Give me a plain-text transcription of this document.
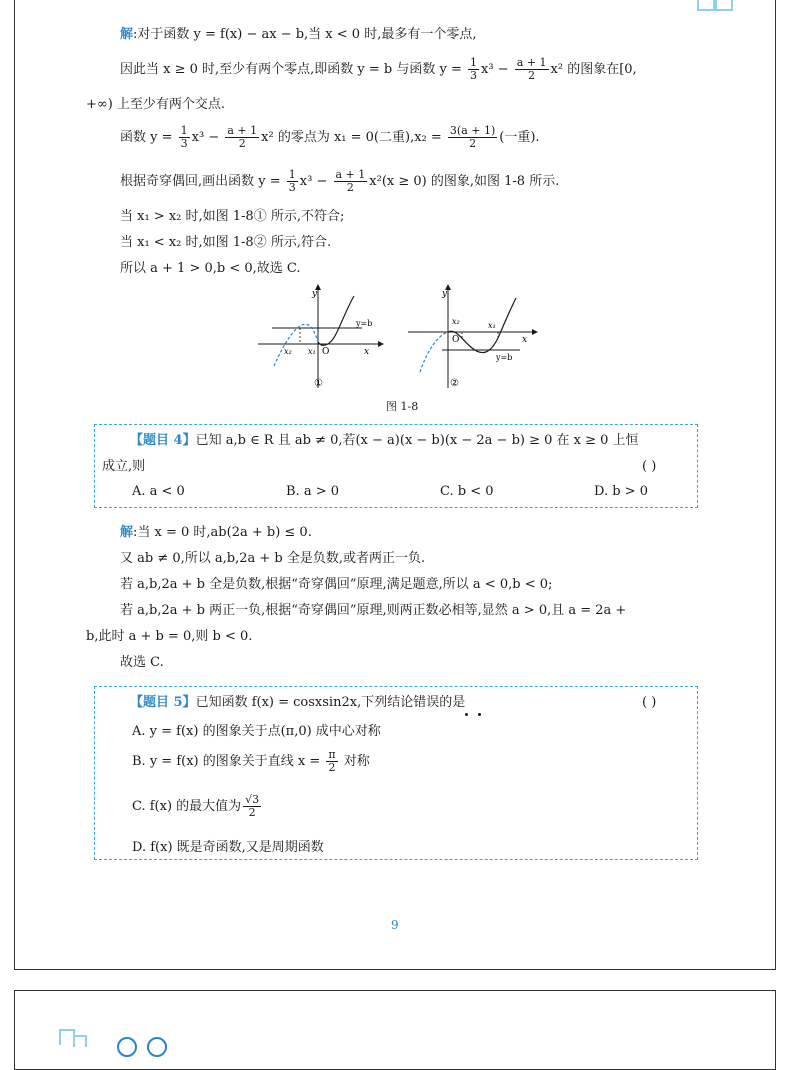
解:对于函数 y = f(x) − ax − b,当 x < 0 时,最多有一个零点,
因此当 x ≥ 0 时,至少有两个零点,即函数 y = b 与函数 $y = \frac{1}{3} x^3 - \frac{a + 1}{2} x^2$ 的图象在[0,
+∞) 上至少有两个交点.
函数 $y = \frac{1}{3} x^3 - \frac{a + 1}{2} x^2$ 的零点为 x₁ = 0(二重)$,x_2 = \frac{3(a + 1)}{2}$ (一重).
根据奇穿偶回,画出函数 $y = \frac{1}{3} x^3 - \frac{a + 1}{2} x^2(x \ge 0)$ 的图象,如图 1-8 所示.
当 x₁ > x₂ 时,如图 1-8① 所示,不符合;
当 x₁ < x₂ 时,如图 1-8② 所示,符合.
所以 a + 1 > 0,b < 0,故选 C.
y
x
O
y=b
x₂ x₁
①
y
x
O
y=b
x₂	x₁
②
图 1-8
【题目 4】已知 a,b ∈ R 且 ab ≠ 0,若(x − a)(x − b)(x − 2a − b) ≥ 0 在 x ≥ 0 上恒
成立,则	( )
A. a < 0	B. a > 0	C. b < 0	D. b > 0
解:当 x = 0 时,ab(2a + b) ≤ 0.
又 ab ≠ 0,所以 a,b,2a + b 全是负数,或者两正一负.
若 a,b,2a + b 全是负数,根据“奇穿偶回”原理,满足题意,所以 a < 0,b < 0;
若 a,b,2a + b 两正一负,根据“奇穿偶回”原理,则两正数必相等,显然 a > 0,且 a = 2a +
b,此时 a + b = 0,则 b < 0.
故选 C.
【题目 5】已知函数 f(x) = cosxsin2x,下列结论错误的是	( )
A. y = f(x) 的图象关于点(π,0) 成中心对称
B. y = f(x) 的图象关于直线 $x = \frac{\pi}{2}$ 对称
C. f(x) 的最大值为 $\frac{√3}{2}$
D. f(x) 既是奇函数,又是周期函数
9
